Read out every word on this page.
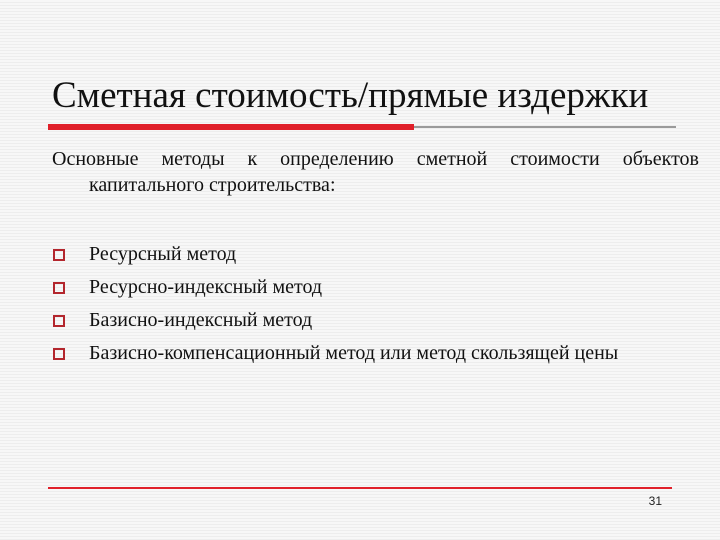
Сметная стоимость/прямые издержки
Основные методы к определению сметной стоимости объектов капитального строительства:
Ресурсный метод
Ресурсно-индексный метод
Базисно-индексный метод
Базисно-компенсационный метод или метод скользящей цены
31
